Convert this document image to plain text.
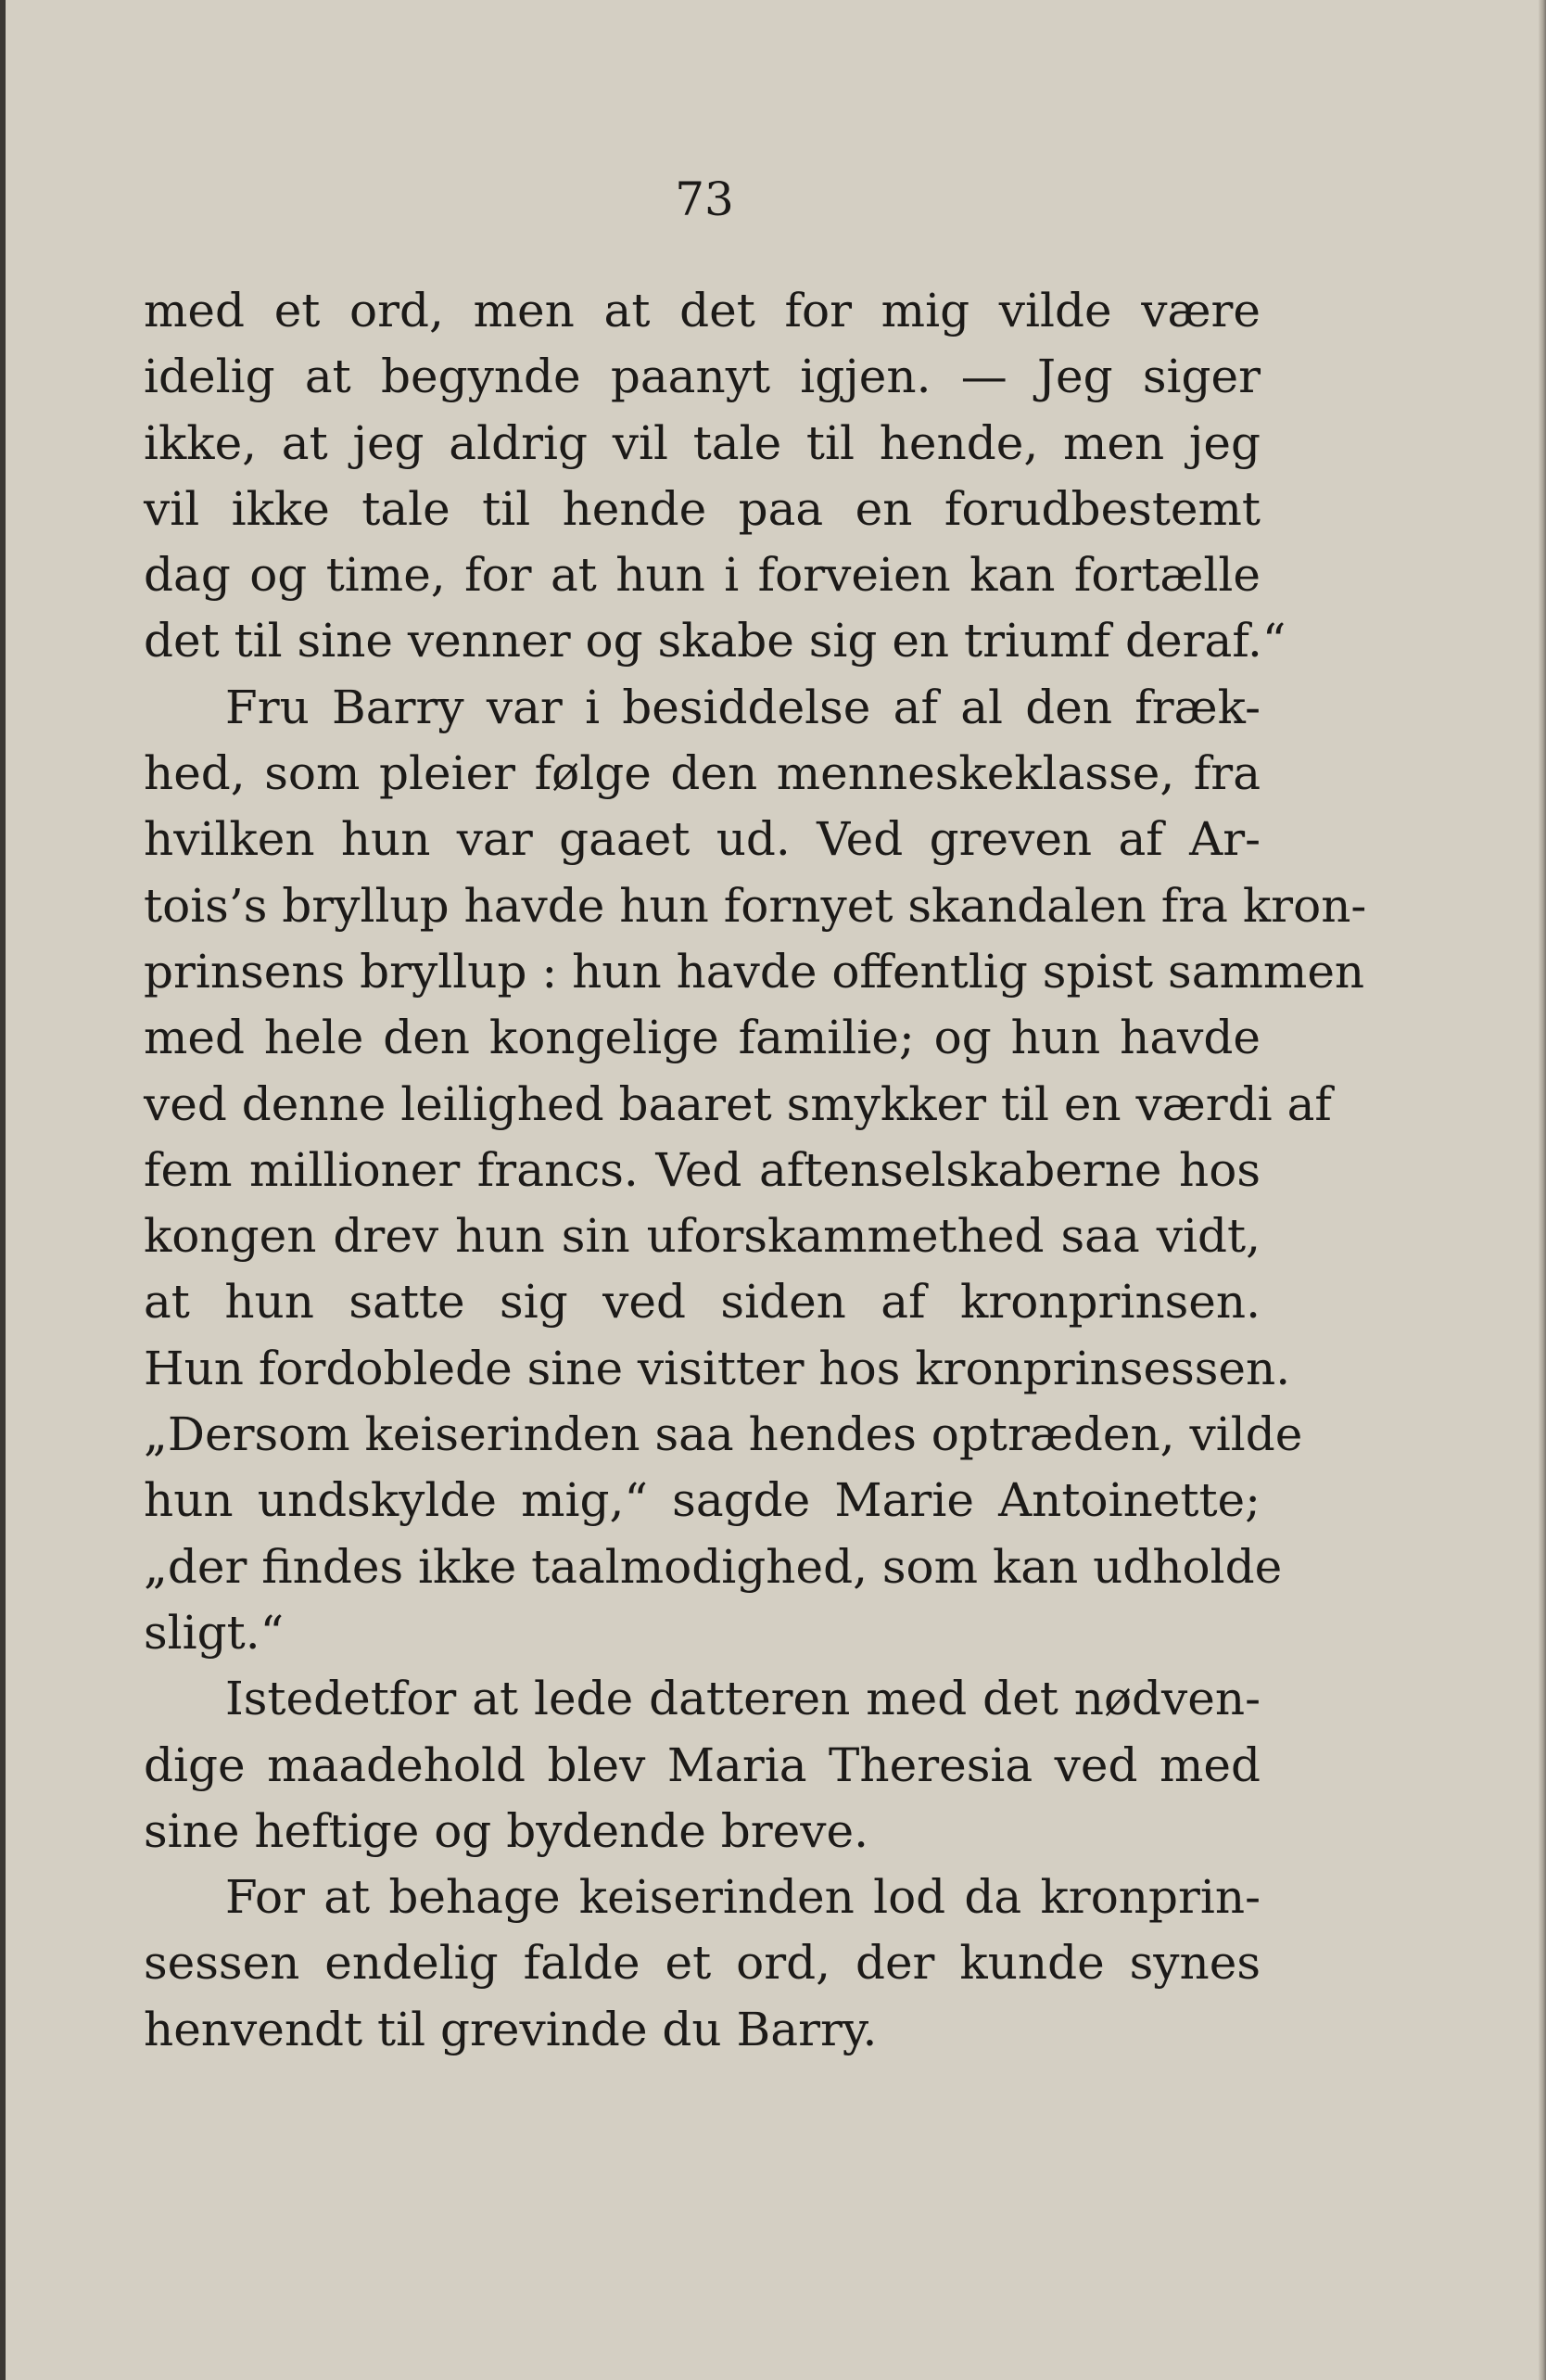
73
med et ord, men at det for mig vilde være
idelig at begynde paanyt igjen. — Jeg siger
ikke, at jeg aldrig vil tale til hende, men jeg
vil ikke tale til hende paa en forudbestemt
dag og time, for at hun i forveien kan fortælle
det til sine venner og skabe sig en triumf deraf.“
Fru Barry var i besiddelse af al den fræk-
hed, som pleier følge den menneskeklasse, fra
hvilken hun var gaaet ud. Ved greven af Ar-
tois’s bryllup havde hun fornyet skandalen fra kron-
prinsens bryllup : hun havde offentlig spist sammen
med hele den kongelige familie; og hun havde
ved denne leilighed baaret smykker til en værdi af
fem millioner francs. Ved aftenselskaberne hos
kongen drev hun sin uforskammethed saa vidt,
at hun satte sig ved siden af kronprinsen.
Hun fordoblede sine visitter hos kronprinsessen.
„Dersom keiserinden saa hendes optræden, vilde
hun undskylde mig,“ sagde Marie Antoinette;
„der findes ikke taalmodighed, som kan udholde
sligt.“
Istedetfor at lede datteren med det nødven-
dige maadehold blev Maria Theresia ved med
sine heftige og bydende breve.
For at behage keiserinden lod da kronprin-
sessen endelig falde et ord, der kunde synes
henvendt til grevinde du Barry.
